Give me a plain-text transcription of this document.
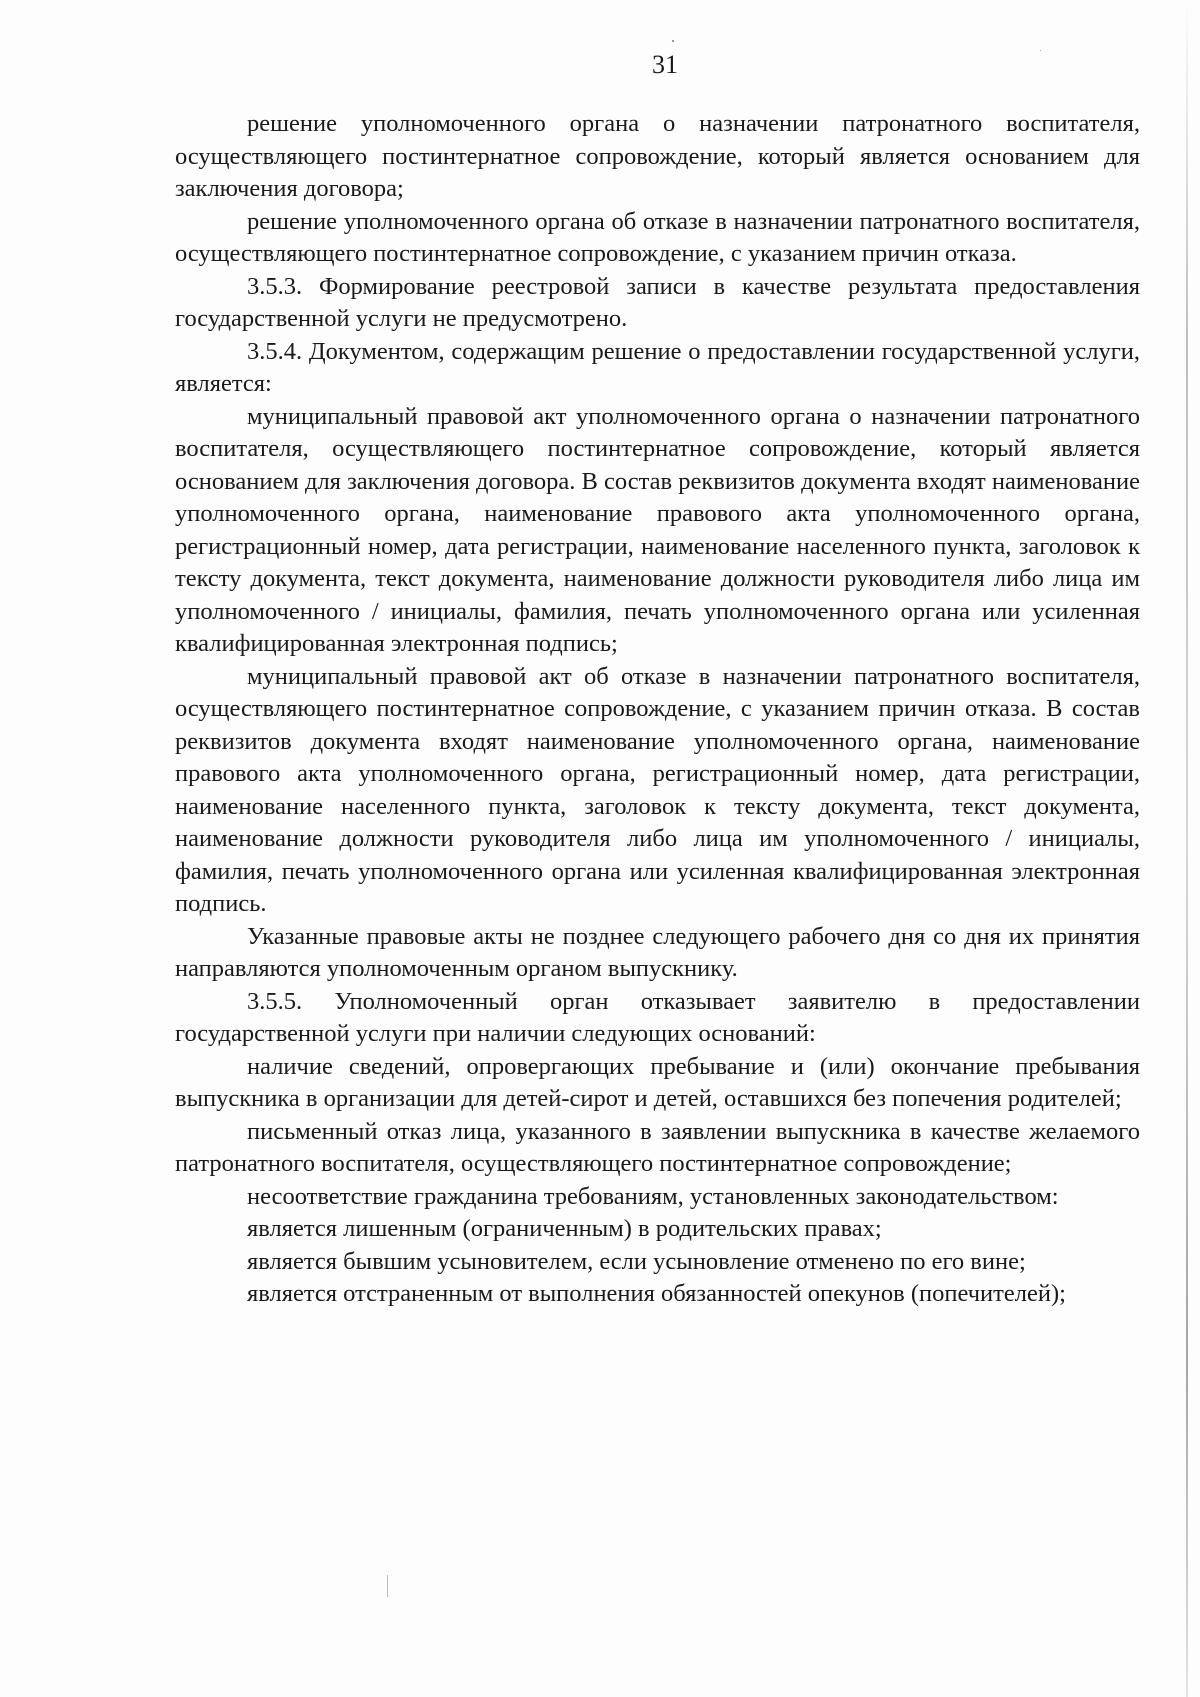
31

решение уполномоченного органа о назначении патронатного воспитателя, осуществляющего постинтернатное сопровождение, который является основанием для заключения договора;

решение уполномоченного органа об отказе в назначении патронатного воспитателя, осуществляющего постинтернатное сопровождение, с указанием причин отказа.

3.5.3. Формирование реестровой записи в качестве результата предоставления государственной услуги не предусмотрено.

3.5.4. Документом, содержащим решение о предоставлении государственной услуги, является:

муниципальный правовой акт уполномоченного органа о назначении патронатного воспитателя, осуществляющего постинтернатное сопровождение, который является основанием для заключения договора. В состав реквизитов документа входят наименование уполномоченного органа, наименование правового акта уполномоченного органа, регистрационный номер, дата регистрации, наименование населенного пункта, заголовок к тексту документа, текст документа, наименование должности руководителя либо лица им уполномоченного / инициалы, фамилия, печать уполномоченного органа или усиленная квалифицированная электронная подпись;

муниципальный правовой акт об отказе в назначении патронатного воспитателя, осуществляющего постинтернатное сопровождение, с указанием причин отказа. В состав реквизитов документа входят наименование уполномоченного органа, наименование правового акта уполномоченного органа, регистрационный номер, дата регистрации, наименование населенного пункта, заголовок к тексту документа, текст документа, наименование должности руководителя либо лица им уполномоченного / инициалы, фамилия, печать уполномоченного органа или усиленная квалифицированная электронная подпись.

Указанные правовые акты не позднее следующего рабочего дня со дня их принятия направляются уполномоченным органом выпускнику.

3.5.5. Уполномоченный орган отказывает заявителю в предоставлении государственной услуги при наличии следующих оснований:

наличие сведений, опровергающих пребывание и (или) окончание пребывания выпускника в организации для детей-сирот и детей, оставшихся без попечения родителей;

письменный отказ лица, указанного в заявлении выпускника в качестве желаемого патронатного воспитателя, осуществляющего постинтернатное сопровождение;

несоответствие гражданина требованиям, установленных законодательством:

является лишенным (ограниченным) в родительских правах;

является бывшим усыновителем, если усыновление отменено по его вине;

является отстраненным от выполнения обязанностей опекунов (попечителей);
